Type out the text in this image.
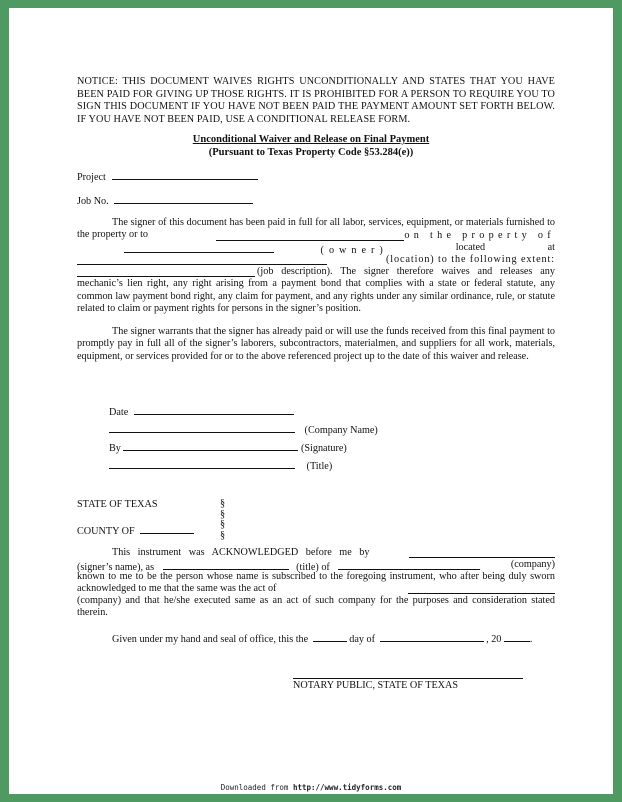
NOTICE: THIS DOCUMENT WAIVES RIGHTS UNCONDITIONALLY AND STATES THAT YOU HAVE BEEN PAID FOR GIVING UP THOSE RIGHTS. IT IS PROHIBITED FOR A PERSON TO REQUIRE YOU TO SIGN THIS DOCUMENT IF YOU HAVE NOT BEEN PAID THE PAYMENT AMOUNT SET FORTH BELOW. IF YOU HAVE NOT BEEN PAID, USE A CONDITIONAL RELEASE FORM.
Unconditional Waiver and Release on Final Payment
(Pursuant to Texas Property Code §53.284(e))
Project
Job No.
The signer of this document has been paid in full for all labor, services, equipment, or materials furnished to the property or to
	on the property of
(owner)	located at
(location) to the following extent:
(job description). The signer therefore waives and releases any mechanic’s lien right, any right arising from a payment bond that complies with a state or federal statute, any common law payment bond right, any claim for payment, and any rights under any similar ordinance, rule, or statute related to claim or payment rights for persons in the signer’s position.
The signer warrants that the signer has already paid or will use the funds received from this final payment to promptly pay in full all of the signer’s laborers, subcontractors, materialmen, and suppliers for all work, materials, equipment, or services provided for or to the above referenced project up to the date of this waiver and release.
Date
(Company Name)
By	(Signature)
(Title)
STATE OF TEXAS	§
§
§
§
COUNTY OF
This instrument was ACKNOWLEDGED before me by
(signer’s name), as	(title) of	(company)
known to me to be the person whose name is subscribed to the foregoing instrument, who after being duly sworn acknowledged to me that the same was the act of
(company) and that he/she executed same as an act of such company for the purposes and consideration stated therein.
Given under my hand and seal of office, this the	day of	, 20	.
NOTARY PUBLIC, STATE OF TEXAS
Downloaded from http://www.tidyforms.com
